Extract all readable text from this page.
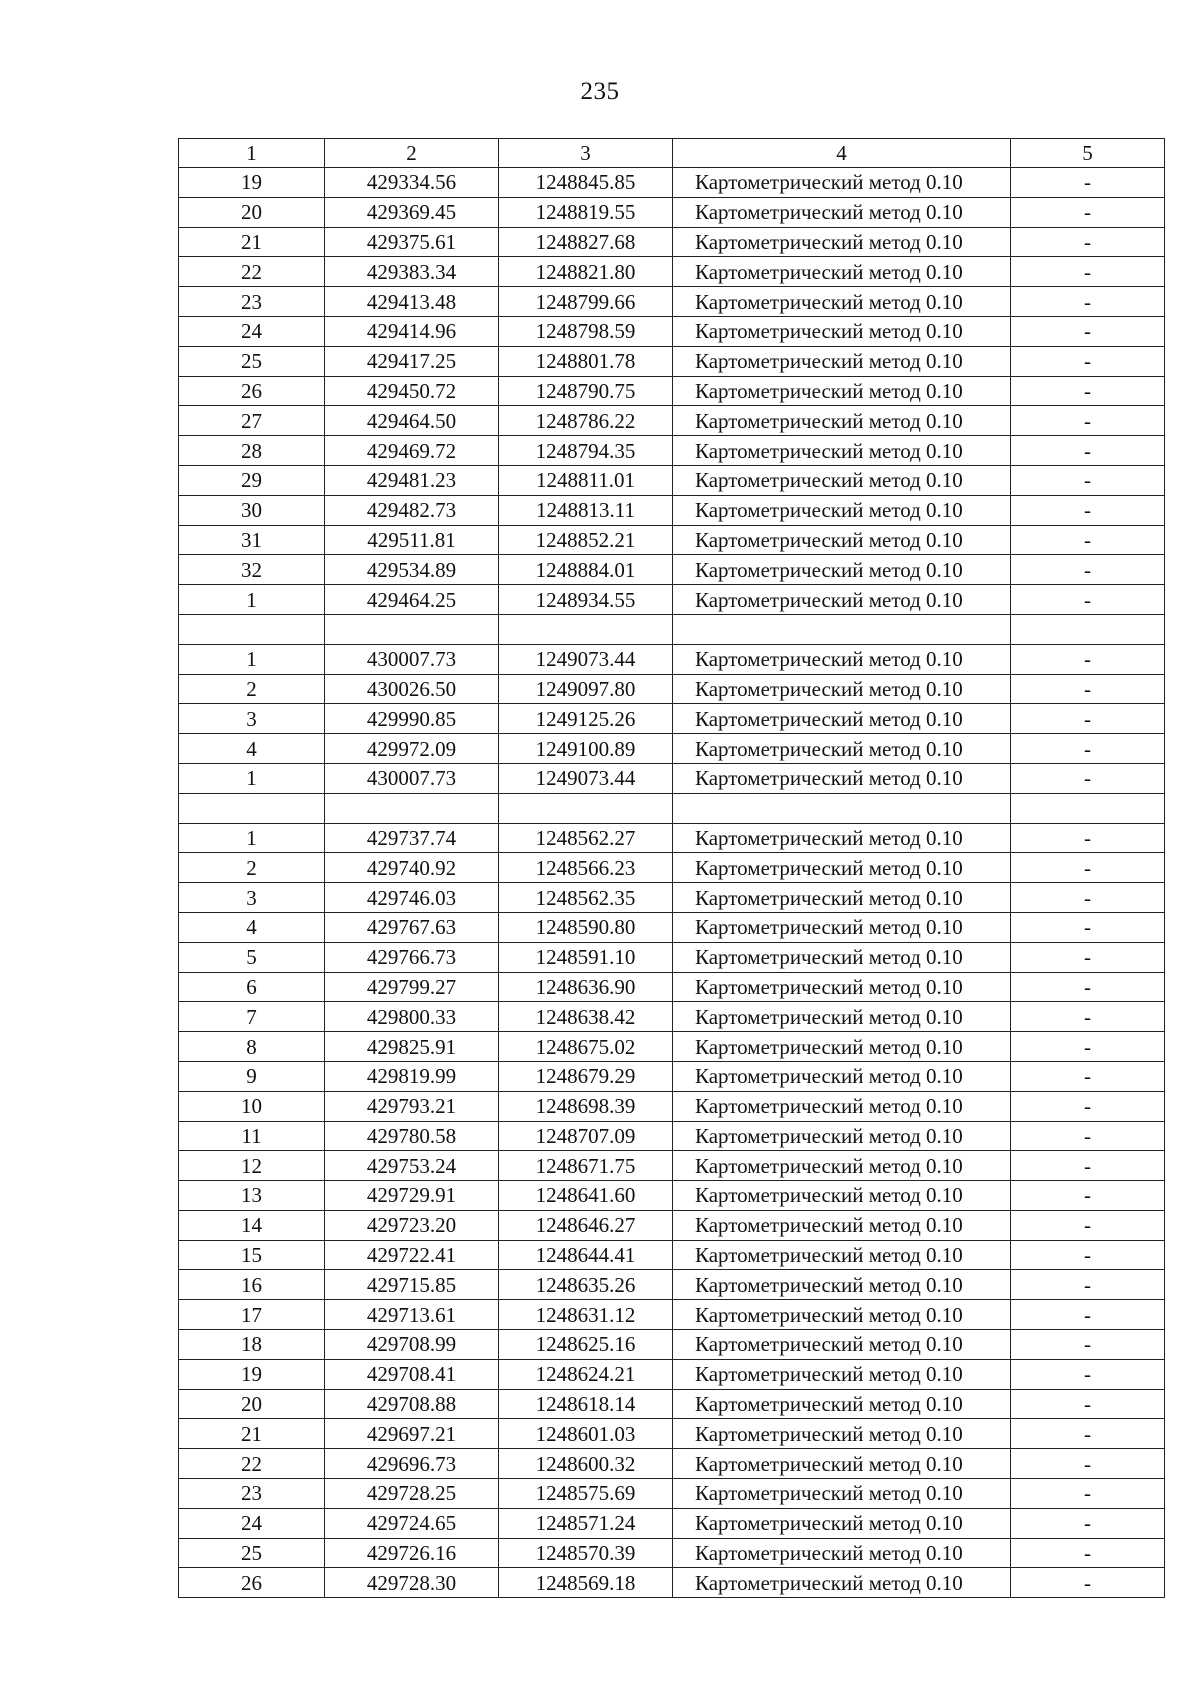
235
1	2	3	4	5
19	429334.56	1248845.85	Картометрический метод 0.10	-
20	429369.45	1248819.55	Картометрический метод 0.10	-
21	429375.61	1248827.68	Картометрический метод 0.10	-
22	429383.34	1248821.80	Картометрический метод 0.10	-
23	429413.48	1248799.66	Картометрический метод 0.10	-
24	429414.96	1248798.59	Картометрический метод 0.10	-
25	429417.25	1248801.78	Картометрический метод 0.10	-
26	429450.72	1248790.75	Картометрический метод 0.10	-
27	429464.50	1248786.22	Картометрический метод 0.10	-
28	429469.72	1248794.35	Картометрический метод 0.10	-
29	429481.23	1248811.01	Картометрический метод 0.10	-
30	429482.73	1248813.11	Картометрический метод 0.10	-
31	429511.81	1248852.21	Картометрический метод 0.10	-
32	429534.89	1248884.01	Картометрический метод 0.10	-
1	429464.25	1248934.55	Картометрический метод 0.10	-

1	430007.73	1249073.44	Картометрический метод 0.10	-
2	430026.50	1249097.80	Картометрический метод 0.10	-
3	429990.85	1249125.26	Картометрический метод 0.10	-
4	429972.09	1249100.89	Картометрический метод 0.10	-
1	430007.73	1249073.44	Картометрический метод 0.10	-

1	429737.74	1248562.27	Картометрический метод 0.10	-
2	429740.92	1248566.23	Картометрический метод 0.10	-
3	429746.03	1248562.35	Картометрический метод 0.10	-
4	429767.63	1248590.80	Картометрический метод 0.10	-
5	429766.73	1248591.10	Картометрический метод 0.10	-
6	429799.27	1248636.90	Картометрический метод 0.10	-
7	429800.33	1248638.42	Картометрический метод 0.10	-
8	429825.91	1248675.02	Картометрический метод 0.10	-
9	429819.99	1248679.29	Картометрический метод 0.10	-
10	429793.21	1248698.39	Картометрический метод 0.10	-
11	429780.58	1248707.09	Картометрический метод 0.10	-
12	429753.24	1248671.75	Картометрический метод 0.10	-
13	429729.91	1248641.60	Картометрический метод 0.10	-
14	429723.20	1248646.27	Картометрический метод 0.10	-
15	429722.41	1248644.41	Картометрический метод 0.10	-
16	429715.85	1248635.26	Картометрический метод 0.10	-
17	429713.61	1248631.12	Картометрический метод 0.10	-
18	429708.99	1248625.16	Картометрический метод 0.10	-
19	429708.41	1248624.21	Картометрический метод 0.10	-
20	429708.88	1248618.14	Картометрический метод 0.10	-
21	429697.21	1248601.03	Картометрический метод 0.10	-
22	429696.73	1248600.32	Картометрический метод 0.10	-
23	429728.25	1248575.69	Картометрический метод 0.10	-
24	429724.65	1248571.24	Картометрический метод 0.10	-
25	429726.16	1248570.39	Картометрический метод 0.10	-
26	429728.30	1248569.18	Картометрический метод 0.10	-
